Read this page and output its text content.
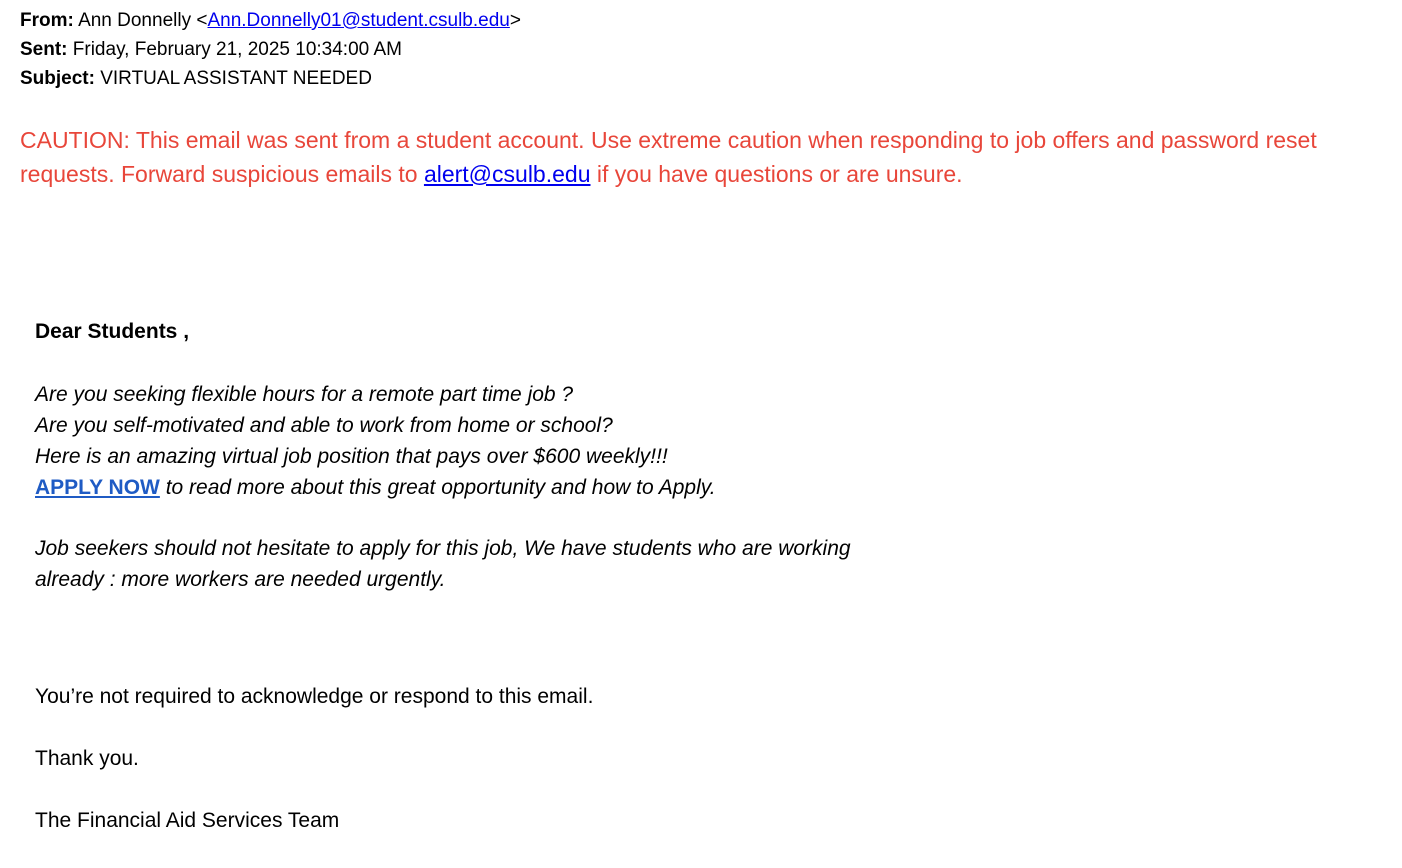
From: Ann Donnelly <Ann.Donnelly01@student.csulb.edu>
Sent: Friday, February 21, 2025 10:34:00 AM
Subject: VIRTUAL ASSISTANT NEEDED
CAUTION: This email was sent from a student account. Use extreme caution when responding to job offers and password reset requests. Forward suspicious emails to alert@csulb.edu if you have questions or are unsure.
Dear Students ,
Are you seeking flexible hours for a remote part time job ?
Are you self-motivated and able to work from home or school?
Here is an amazing virtual job position that pays over $600 weekly!!!
APPLY NOW to read more about this great opportunity and how to Apply.
Job seekers should not hesitate to apply for this job, We have students who are working
already : more workers are needed urgently.
You’re not required to acknowledge or respond to this email.
Thank you.
The Financial Aid Services Team
